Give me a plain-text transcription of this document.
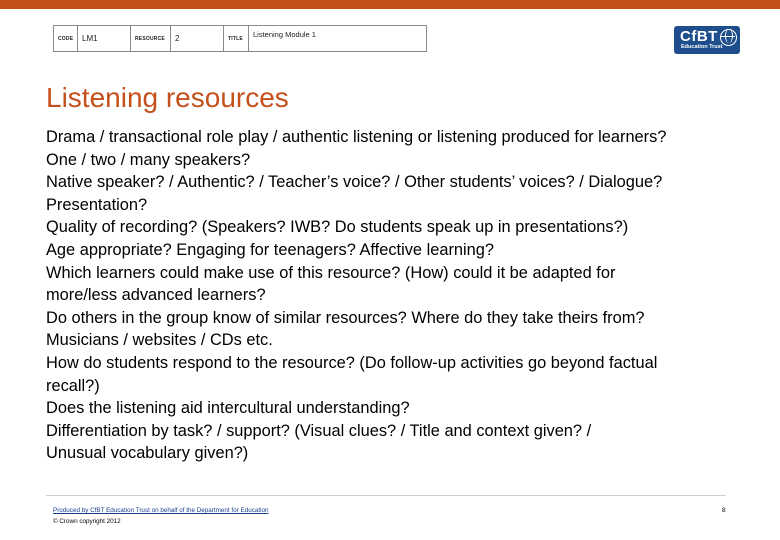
CODE	LM1	RESOURCE	2	TITLE	Listening Module 1	CfBT
Education Trust
Listening resources
Drama / transactional role play / authentic listening or listening produced for learners?
One / two / many speakers?
Native speaker? / Authentic? / Teacher’s voice? / Other students’ voices? / Dialogue?
Presentation?
Quality of recording? (Speakers? IWB? Do students speak up in presentations?)
Age appropriate? Engaging for teenagers? Affective learning?
Which learners could make use of this resource? (How) could it be adapted for
more/less advanced learners?
Do others in the group know of similar resources? Where do they take theirs from?
Musicians / websites / CDs etc.
How do students respond to the resource? (Do follow-up activities go beyond factual
recall?)
Does the listening aid intercultural understanding?
Differentiation by task? / support? (Visual clues? / Title and context given? /
Unusual vocabulary given?)
Produced by CfBT Education Trust on behalf of the Department for Education
© Crown copyright 2012
8
